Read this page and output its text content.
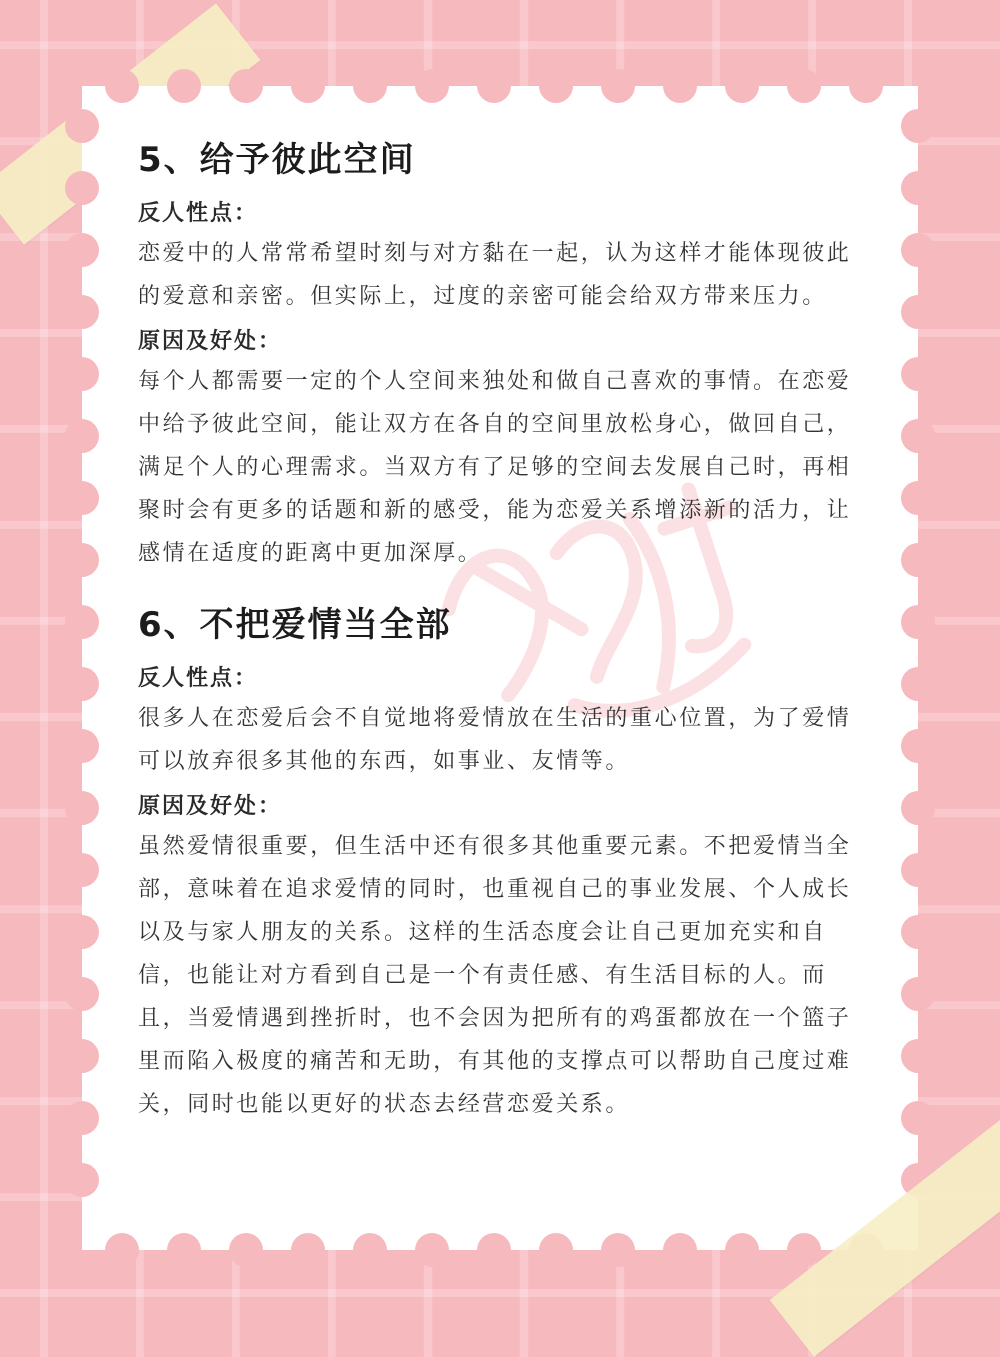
5、给予彼此空间

反人性点：

恋爱中的人常常希望时刻与对方黏在一起，认为这样才能体现彼此的爱意和亲密。但实际上，过度的亲密可能会给双方带来压力。

原因及好处：

每个人都需要一定的个人空间来独处和做自己喜欢的事情。在恋爱中给予彼此空间，能让双方在各自的空间里放松身心，做回自己，满足个人的心理需求。当双方有了足够的空间去发展自己时，再相聚时会有更多的话题和新的感受，能为恋爱关系增添新的活力，让感情在适度的距离中更加深厚。

6、不把爱情当全部

反人性点：

很多人在恋爱后会不自觉地将爱情放在生活的重心位置，为了爱情可以放弃很多其他的东西，如事业、友情等。

原因及好处：

虽然爱情很重要，但生活中还有很多其他重要元素。不把爱情当全部，意味着在追求爱情的同时，也重视自己的事业发展、个人成长以及与家人朋友的关系。这样的生活态度会让自己更加充实和自信，也能让对方看到自己是一个有责任感、有生活目标的人。而且，当爱情遇到挫折时，也不会因为把所有的鸡蛋都放在一个篮子里而陷入极度的痛苦和无助，有其他的支撑点可以帮助自己度过难关，同时也能以更好的状态去经营恋爱关系。
